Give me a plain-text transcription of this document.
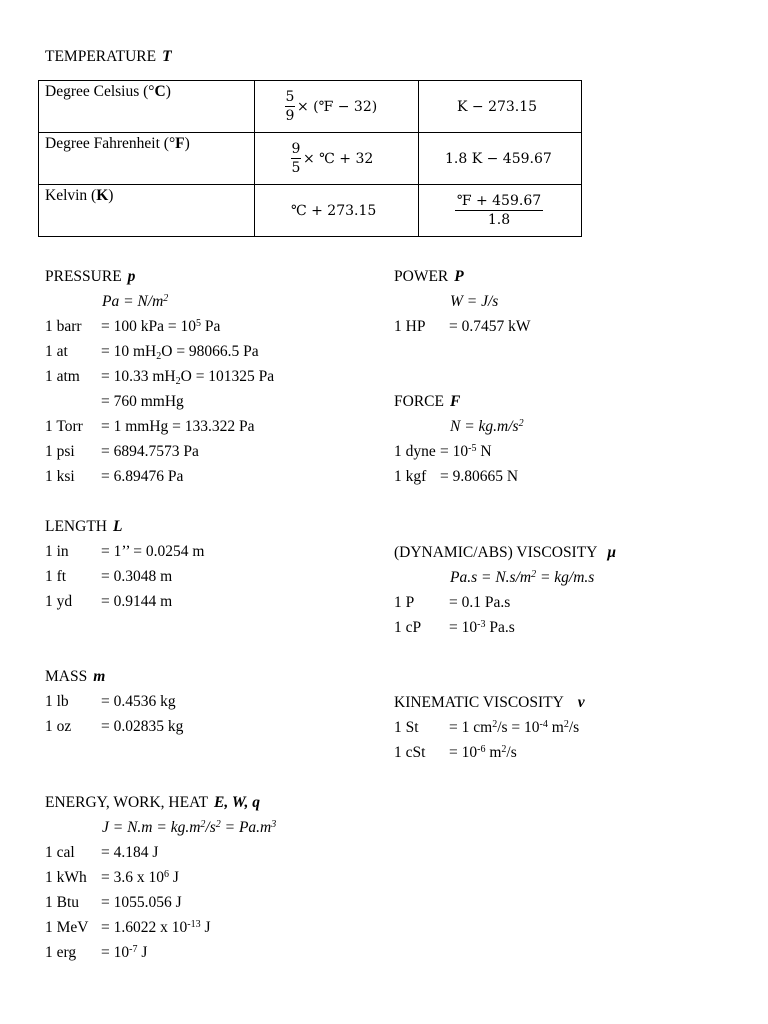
TEMPERATURE T
Degree Celsius (°C)	$\frac{5}{9}$ × (℉ − 32)	K − 273.15

Degree Fahrenheit (°F)	$\frac{9}{5}$ × ℃ + 32	1.8 K − 459.67

Kelvin (K)	℃ + 273.15	$\frac{℉ + 459.67}{1.8}$
PRESSURE p
$Pa = N/m^2$
1 barr = 100 kPa = $10^5$ Pa
1 at = 10 $mH_2O = 98066.5$ Pa
1 atm = 10.33 $mH_2O = 101325$ Pa
= 760 mmHg
1 Torr = 1 mmHg = 133.322 Pa
1 psi = 6894.7573 Pa
1 ksi = 6.89476 Pa
LENGTH L
1 in = 1’’ = 0.0254 m
1 ft = 0.3048 m
1 yd = 0.9144 m
MASS m
1 lb = 0.4536 kg
1 oz = 0.02835 kg
ENERGY, WORK, HEAT E, W, q
$J = N.m = kg.m^2/s^2 = Pa.m^3$
1 cal = 4.184 J
1 kWh = 3.6 x $10^6$ J
1 Btu = 1055.056 J
1 MeV = 1.6022 x $10^{-13}$ J
1 erg = $10^{-7}$ J
POWER P
W = J/s
1 HP = 0.7457 kW
FORCE F
$N = kg.m/s^2$
1 dyne = $10^{-5}$ N
1 kgf = 9.80665 N
(DYNAMIC/ABS) VISCOSITY μ
$Pa.s = N.s/m^2 = kg/m.s$
1 P = 0.1 Pa.s
1 cP = $10^{-3}$ Pa.s
KINEMATIC VISCOSITY ν
1 St = 1 $cm^2/s = 10^{-4}$ $m^2/s$
1 cSt = $10^{-6}$ $m^2/s$
